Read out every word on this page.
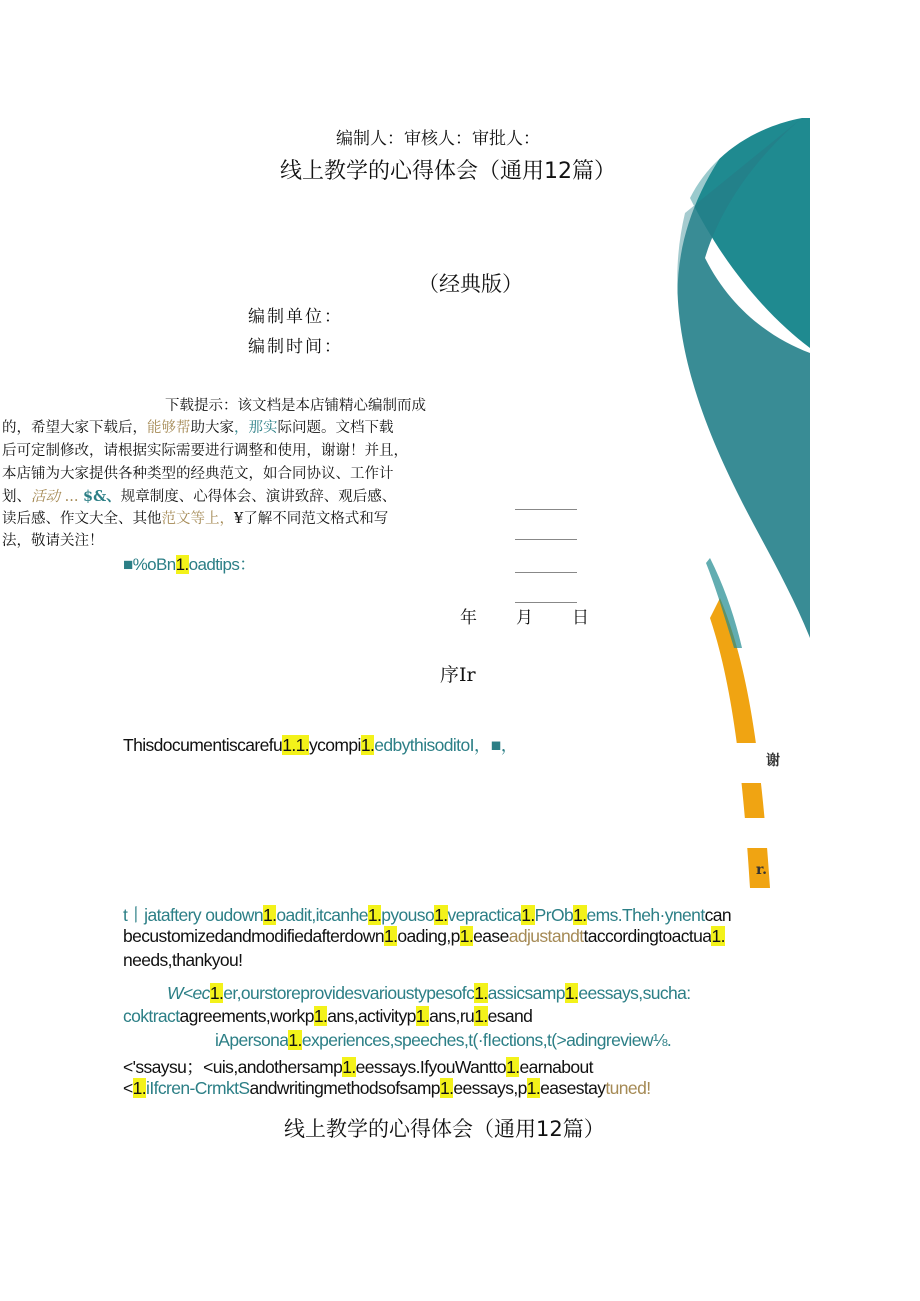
编制人：审核人：审批人：
线上教学的心得体会（通用12篇）
（经典版）
编制单位：
编制时间：
年 月 日
下载提示：该文档是本店铺精心编制而成
的，希望大家下载后，能够帮助大家，那实际问题。文档下载
后可定制修改，请根据实际需要进行调整和使用，谢谢！并且，
本店铺为大家提供各种类型的经典范文，如合同协议、工作计
划、活动 ... $&、规章制度、心得体会、演讲致辞、观后感、
读后感、作文大全、其他范文等上，¥了解不同范文格式和写
法，敬请关注！
■%oBn1.oadtips：
序Ir
谢
r.
Thisdocumentiscarefu1.1.ycompi1.edbythisoditoI，■，
t丨jataftery oudown1.oadit,itcanhe1.pyouso1.vepractica1.PrOb1.ems.Theh·ynentcan
becustomizedandmodifiedafterdown1.oading,p1.easeadjustandttaccordingtoactua1.
needs,thankyou!
W<ec1.er,ourstoreprovidesvarioustypesofc1.assicsamp1.eessays,sucha:
coktractagreements,workp1.ans,activityp1.ans,ru1.esand
iApersona1.experiences,speeches,t(·fIections,t(>adingreview⅛.
<'ssaysu；<uis,andothersamp1.eessays.IfyouWantto1.earnabout
<1.iIfcren-CrmktSandwritingmethodsofsamp1.eessays,p1.easestaytuned!
线上教学的心得体会（通用12篇）
